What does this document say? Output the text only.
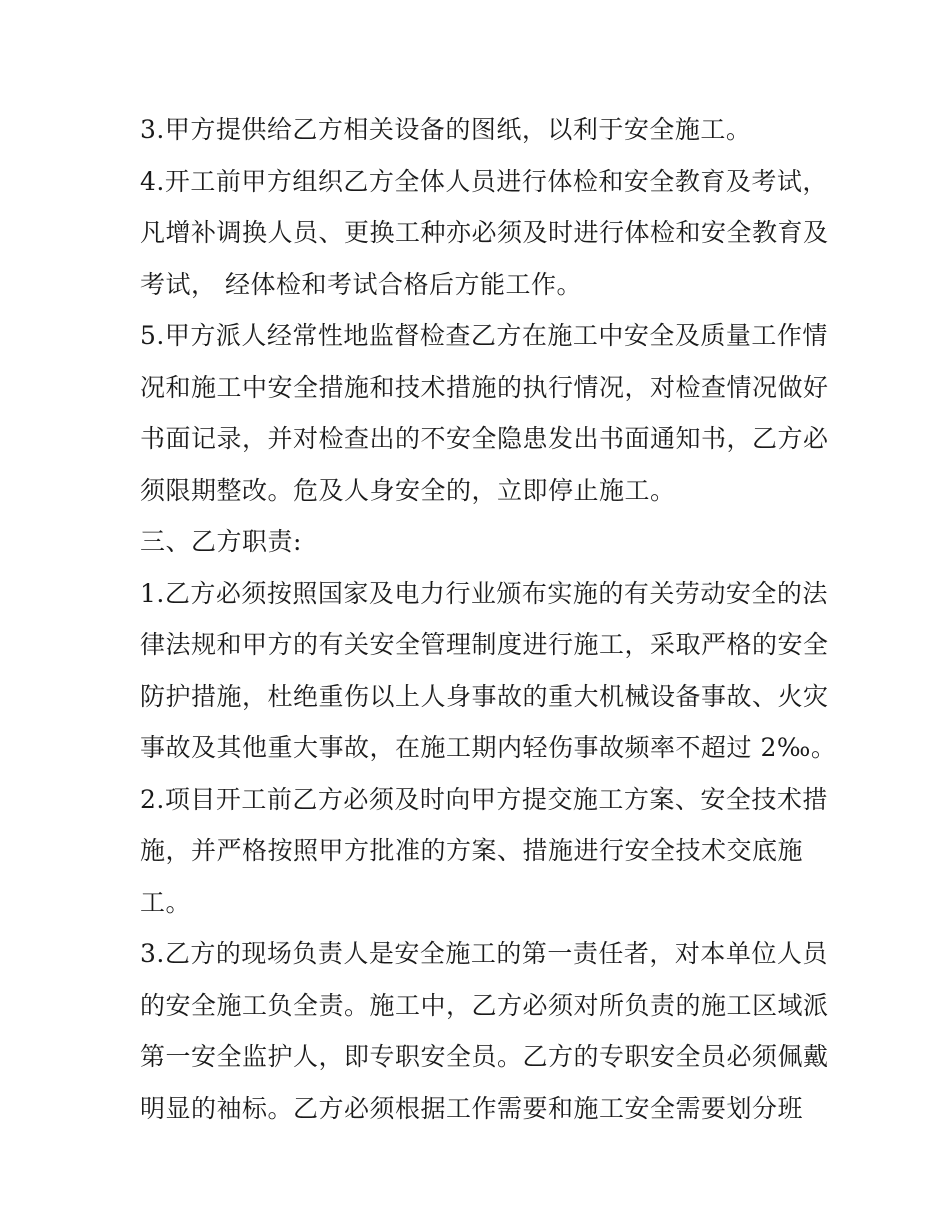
3.甲方提供给乙方相关设备的图纸，以利于安全施工。
4.开工前甲方组织乙方全体人员进行体检和安全教育及考试，
凡增补调换人员、更换工种亦必须及时进行体检和安全教育及
考试， 经体检和考试合格后方能工作。
5.甲方派人经常性地监督检查乙方在施工中安全及质量工作情
况和施工中安全措施和技术措施的执行情况，对检查情况做好
书面记录，并对检查出的不安全隐患发出书面通知书，乙方必
须限期整改。危及人身安全的，立即停止施工。
三、乙方职责:
1.乙方必须按照国家及电力行业颁布实施的有关劳动安全的法
律法规和甲方的有关安全管理制度进行施工，采取严格的安全
防护措施，杜绝重伤以上人身事故的重大机械设备事故、火灾
事故及其他重大事故，在施工期内轻伤事故频率不超过 2‰。
2.项目开工前乙方必须及时向甲方提交施工方案、安全技术措
施，并严格按照甲方批准的方案、措施进行安全技术交底施
工。
3.乙方的现场负责人是安全施工的第一责任者，对本单位人员
的安全施工负全责。施工中，乙方必须对所负责的施工区域派
第一安全监护人，即专职安全员。乙方的专职安全员必须佩戴
明显的袖标。乙方必须根据工作需要和施工安全需要划分班
